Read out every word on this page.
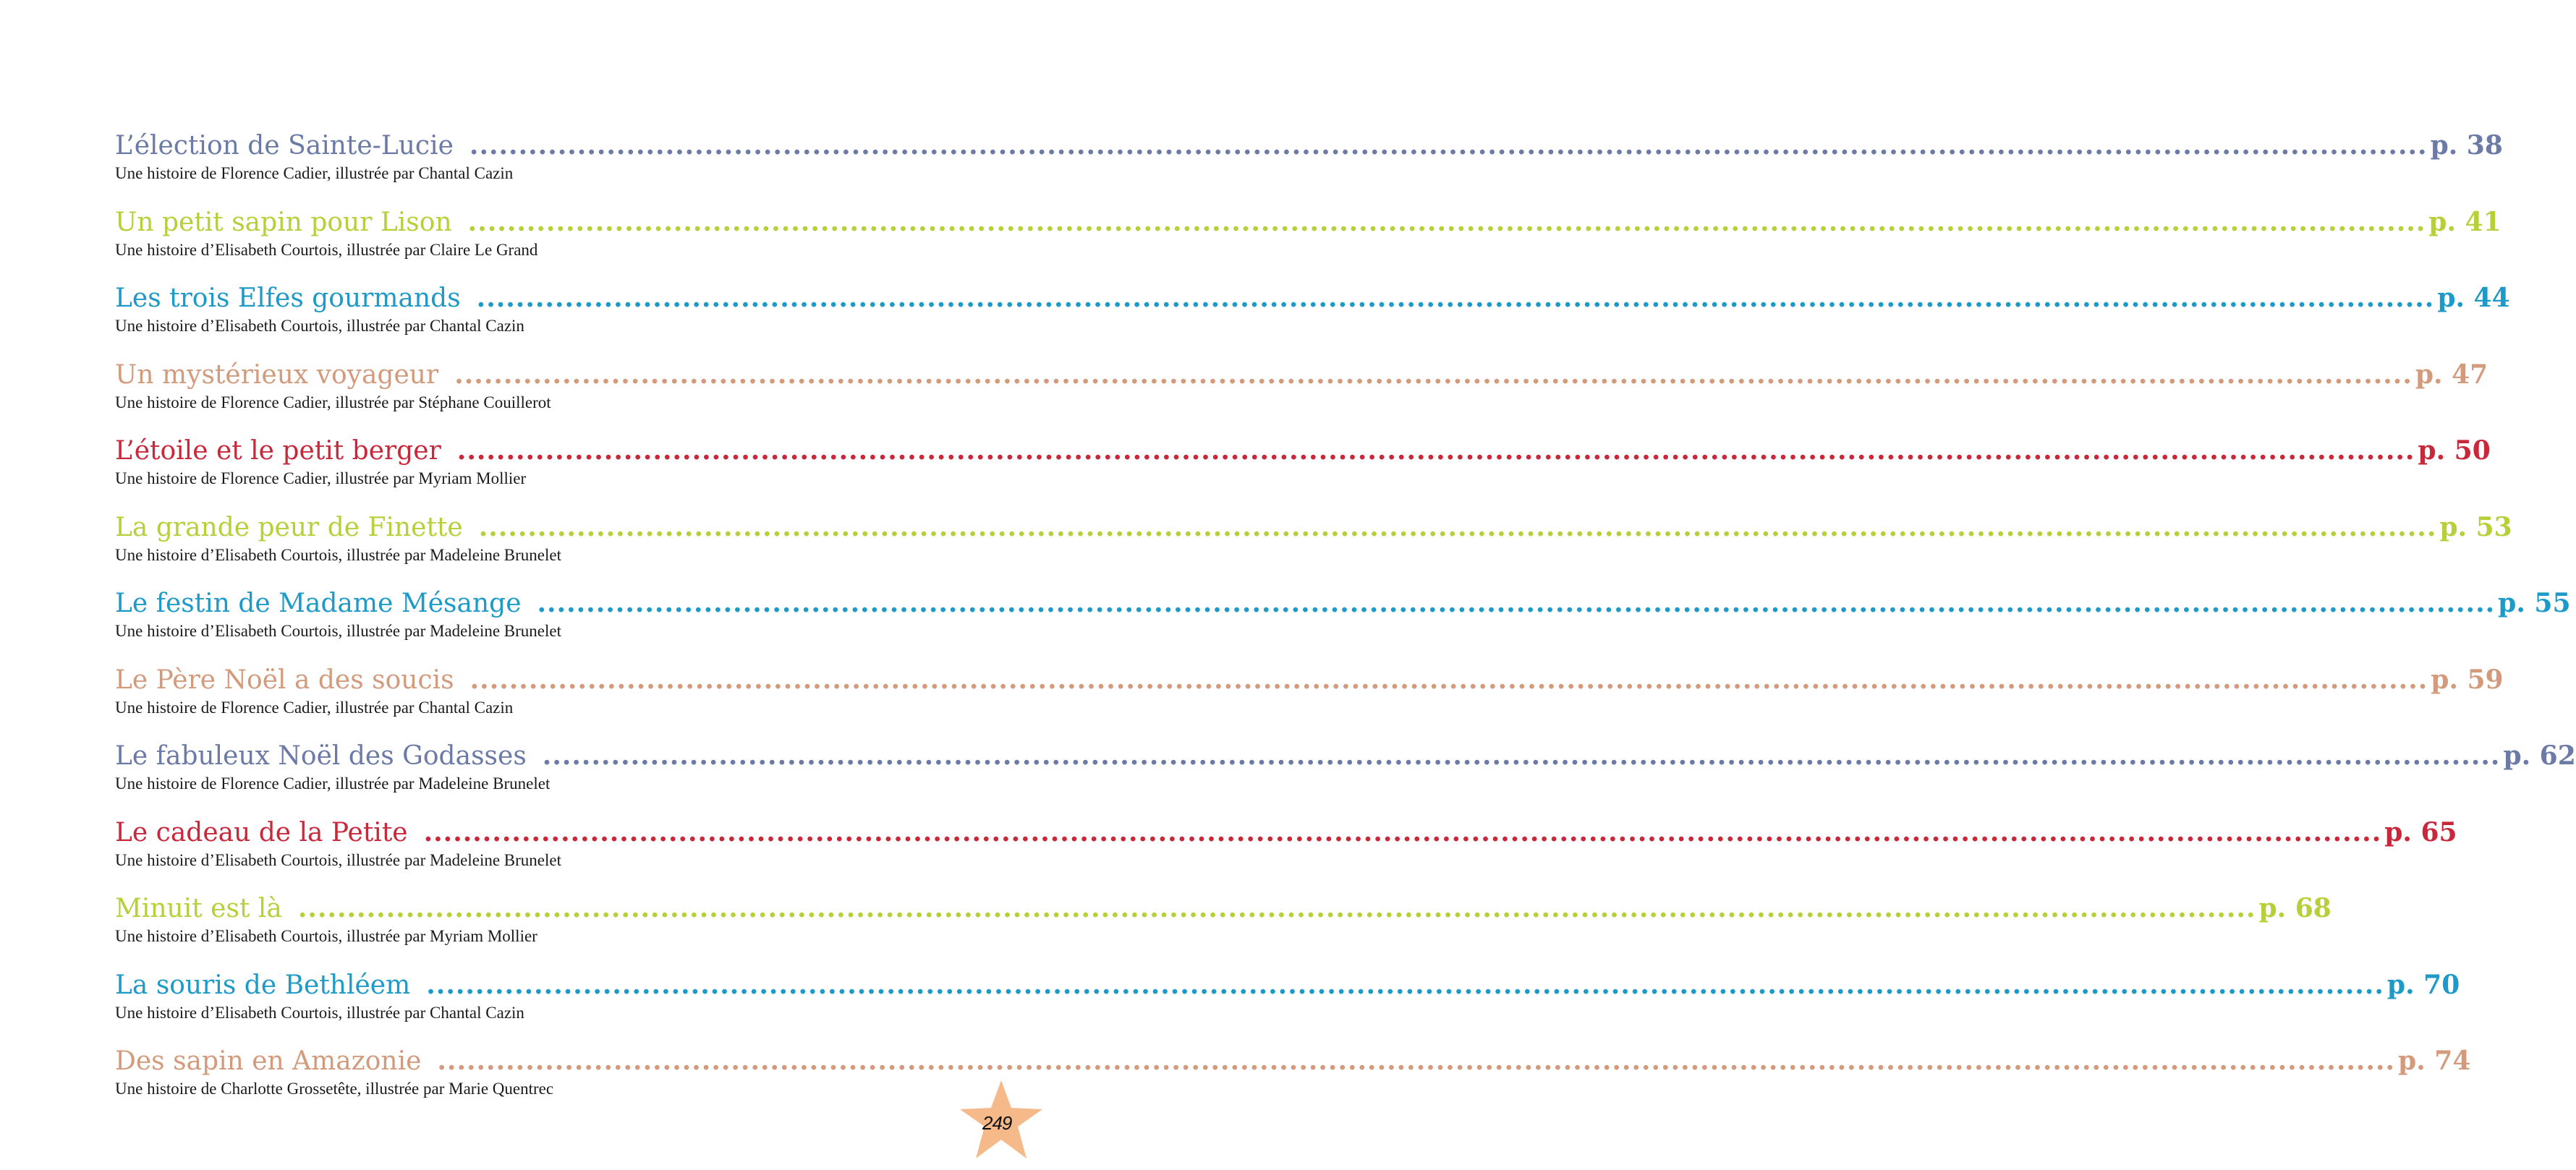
L’élection de Sainte-Lucie ........................................................................................................................................................................................................ p. 38
Une histoire de Florence Cadier, illustrée par Chantal Cazin
Un petit sapin pour Lison ........................................................................................................................................................................................................ p. 41
Une histoire d’Elisabeth Courtois, illustrée par Claire Le Grand
Les trois Elfes gourmands ........................................................................................................................................................................................................ p. 44
Une histoire d’Elisabeth Courtois, illustrée par Chantal Cazin
Un mystérieux voyageur ........................................................................................................................................................................................................ p. 47
Une histoire de Florence Cadier, illustrée par Stéphane Couillerot
L’étoile et le petit berger ........................................................................................................................................................................................................ p. 50
Une histoire de Florence Cadier, illustrée par Myriam Mollier
La grande peur de Finette ........................................................................................................................................................................................................ p. 53
Une histoire d’Elisabeth Courtois, illustrée par Madeleine Brunelet
Le festin de Madame Mésange ........................................................................................................................................................................................................ p. 55
Une histoire d’Elisabeth Courtois, illustrée par Madeleine Brunelet
Le Père Noël a des soucis ........................................................................................................................................................................................................ p. 59
Une histoire de Florence Cadier, illustrée par Chantal Cazin
Le fabuleux Noël des Godasses ........................................................................................................................................................................................................ p. 62
Une histoire de Florence Cadier, illustrée par Madeleine Brunelet
Le cadeau de la Petite ........................................................................................................................................................................................................ p. 65
Une histoire d’Elisabeth Courtois, illustrée par Madeleine Brunelet
Minuit est là ........................................................................................................................................................................................................ p. 68
Une histoire d’Elisabeth Courtois, illustrée par Myriam Mollier
La souris de Bethléem ........................................................................................................................................................................................................ p. 70
Une histoire d’Elisabeth Courtois, illustrée par Chantal Cazin
Des sapin en Amazonie ........................................................................................................................................................................................................ p. 74
Une histoire de Charlotte Grossetête, illustrée par Marie Quentrec
249
